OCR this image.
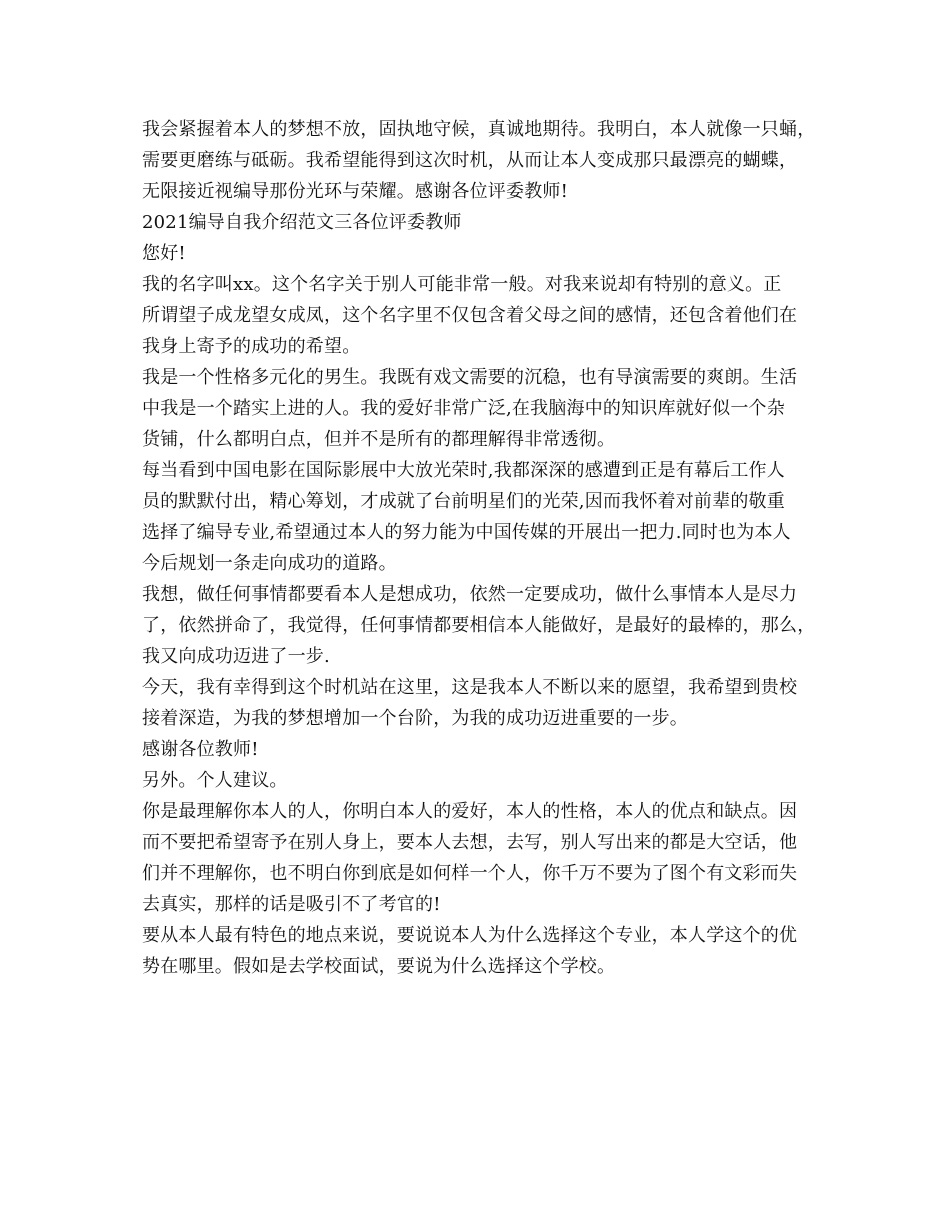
我会紧握着本人的梦想不放，固执地守候，真诚地期待。我明白，本人就像一只蛹，
需要更磨练与砥砺。我希望能得到这次时机，从而让本人变成那只最漂亮的蝴蝶，
无限接近视编导那份光环与荣耀。感谢各位评委教师!

2021编导自我介绍范文三各位评委教师

您好!

我的名字叫xx。这个名字关于别人可能非常一般。对我来说却有特别的意义。正
所谓望子成龙望女成凤，这个名字里不仅包含着父母之间的感情，还包含着他们在
我身上寄予的成功的希望。

我是一个性格多元化的男生。我既有戏文需要的沉稳，也有导演需要的爽朗。生活
中我是一个踏实上进的人。我的爱好非常广泛,在我脑海中的知识库就好似一个杂
货铺，什么都明白点，但并不是所有的都理解得非常透彻。

每当看到中国电影在国际影展中大放光荣时,我都深深的感遭到正是有幕后工作人
员的默默付出，精心筹划，才成就了台前明星们的光荣,因而我怀着对前辈的敬重
选择了编导专业,希望通过本人的努力能为中国传媒的开展出一把力.同时也为本人
今后规划一条走向成功的道路。

我想，做任何事情都要看本人是想成功，依然一定要成功，做什么事情本人是尽力
了，依然拼命了，我觉得，任何事情都要相信本人能做好，是最好的最棒的，那么，
我又向成功迈进了一步.

今天，我有幸得到这个时机站在这里，这是我本人不断以来的愿望，我希望到贵校
接着深造，为我的梦想增加一个台阶，为我的成功迈进重要的一步。

感谢各位教师!

另外。个人建议。

你是最理解你本人的人，你明白本人的爱好，本人的性格，本人的优点和缺点。因
而不要把希望寄予在别人身上，要本人去想，去写，别人写出来的都是大空话，他
们并不理解你，也不明白你到底是如何样一个人，你千万不要为了图个有文彩而失
去真实，那样的话是吸引不了考官的!

要从本人最有特色的地点来说，要说说本人为什么选择这个专业，本人学这个的优
势在哪里。假如是去学校面试，要说为什么选择这个学校。
